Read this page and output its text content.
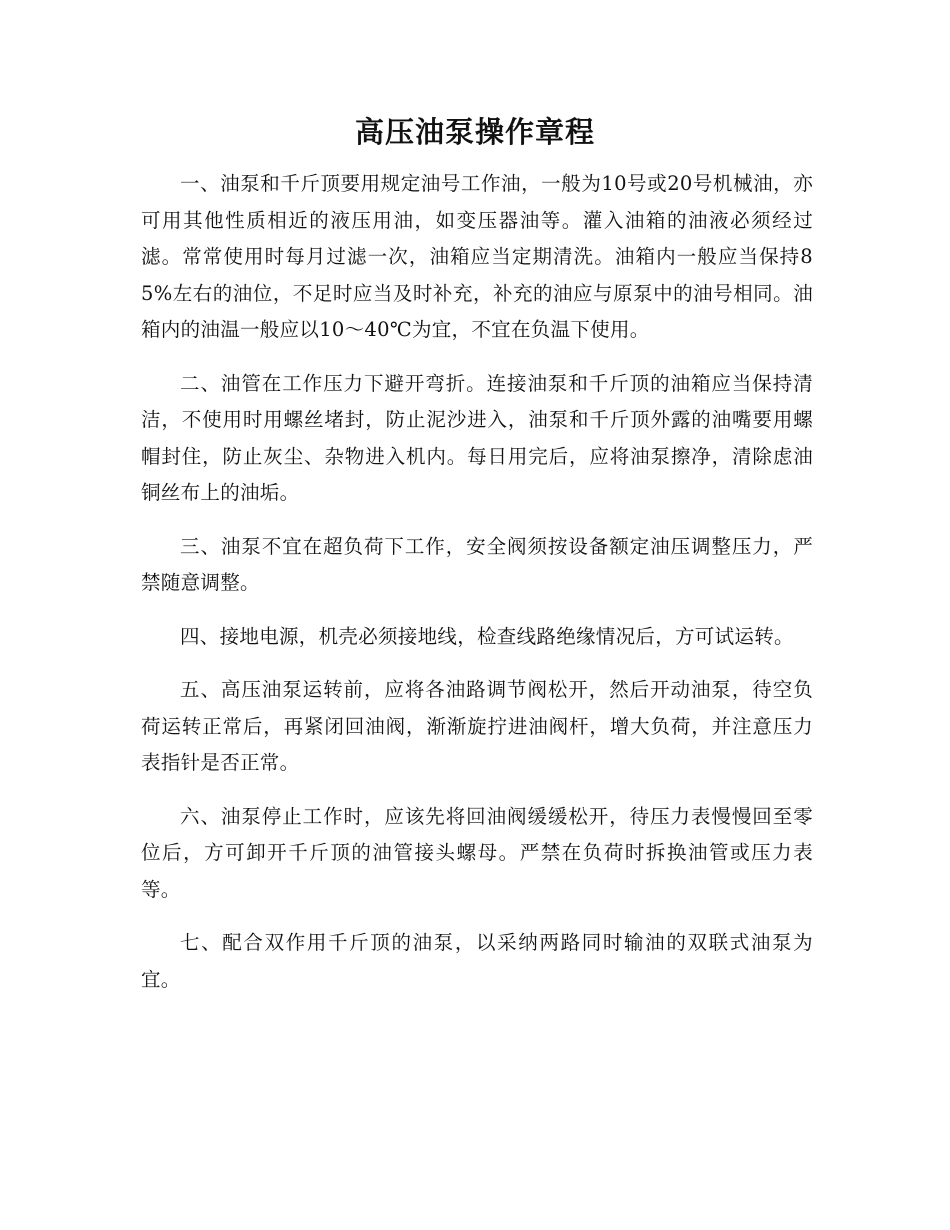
高压油泵操作章程

一、油泵和千斤顶要用规定油号工作油，一般为10号或20号机械油，亦可用其他性质相近的液压用油，如变压器油等。灌入油箱的油液必须经过滤。常常使用时每月过滤一次，油箱应当定期清洗。油箱内一般应当保持85%左右的油位，不足时应当及时补充，补充的油应与原泵中的油号相同。油箱内的油温一般应以10～40℃为宜，不宜在负温下使用。

二、油管在工作压力下避开弯折。连接油泵和千斤顶的油箱应当保持清洁，不使用时用螺丝堵封，防止泥沙进入，油泵和千斤顶外露的油嘴要用螺帽封住，防止灰尘、杂物进入机内。每日用完后，应将油泵擦净，清除虑油铜丝布上的油垢。

三、油泵不宜在超负荷下工作，安全阀须按设备额定油压调整压力，严禁随意调整。

四、接地电源，机壳必须接地线，检查线路绝缘情况后，方可试运转。

五、高压油泵运转前，应将各油路调节阀松开，然后开动油泵，待空负荷运转正常后，再紧闭回油阀，渐渐旋拧进油阀杆，增大负荷，并注意压力表指针是否正常。

六、油泵停止工作时，应该先将回油阀缓缓松开，待压力表慢慢回至零位后，方可卸开千斤顶的油管接头螺母。严禁在负荷时拆换油管或压力表等。

七、配合双作用千斤顶的油泵，以采纳两路同时输油的双联式油泵为宜。
